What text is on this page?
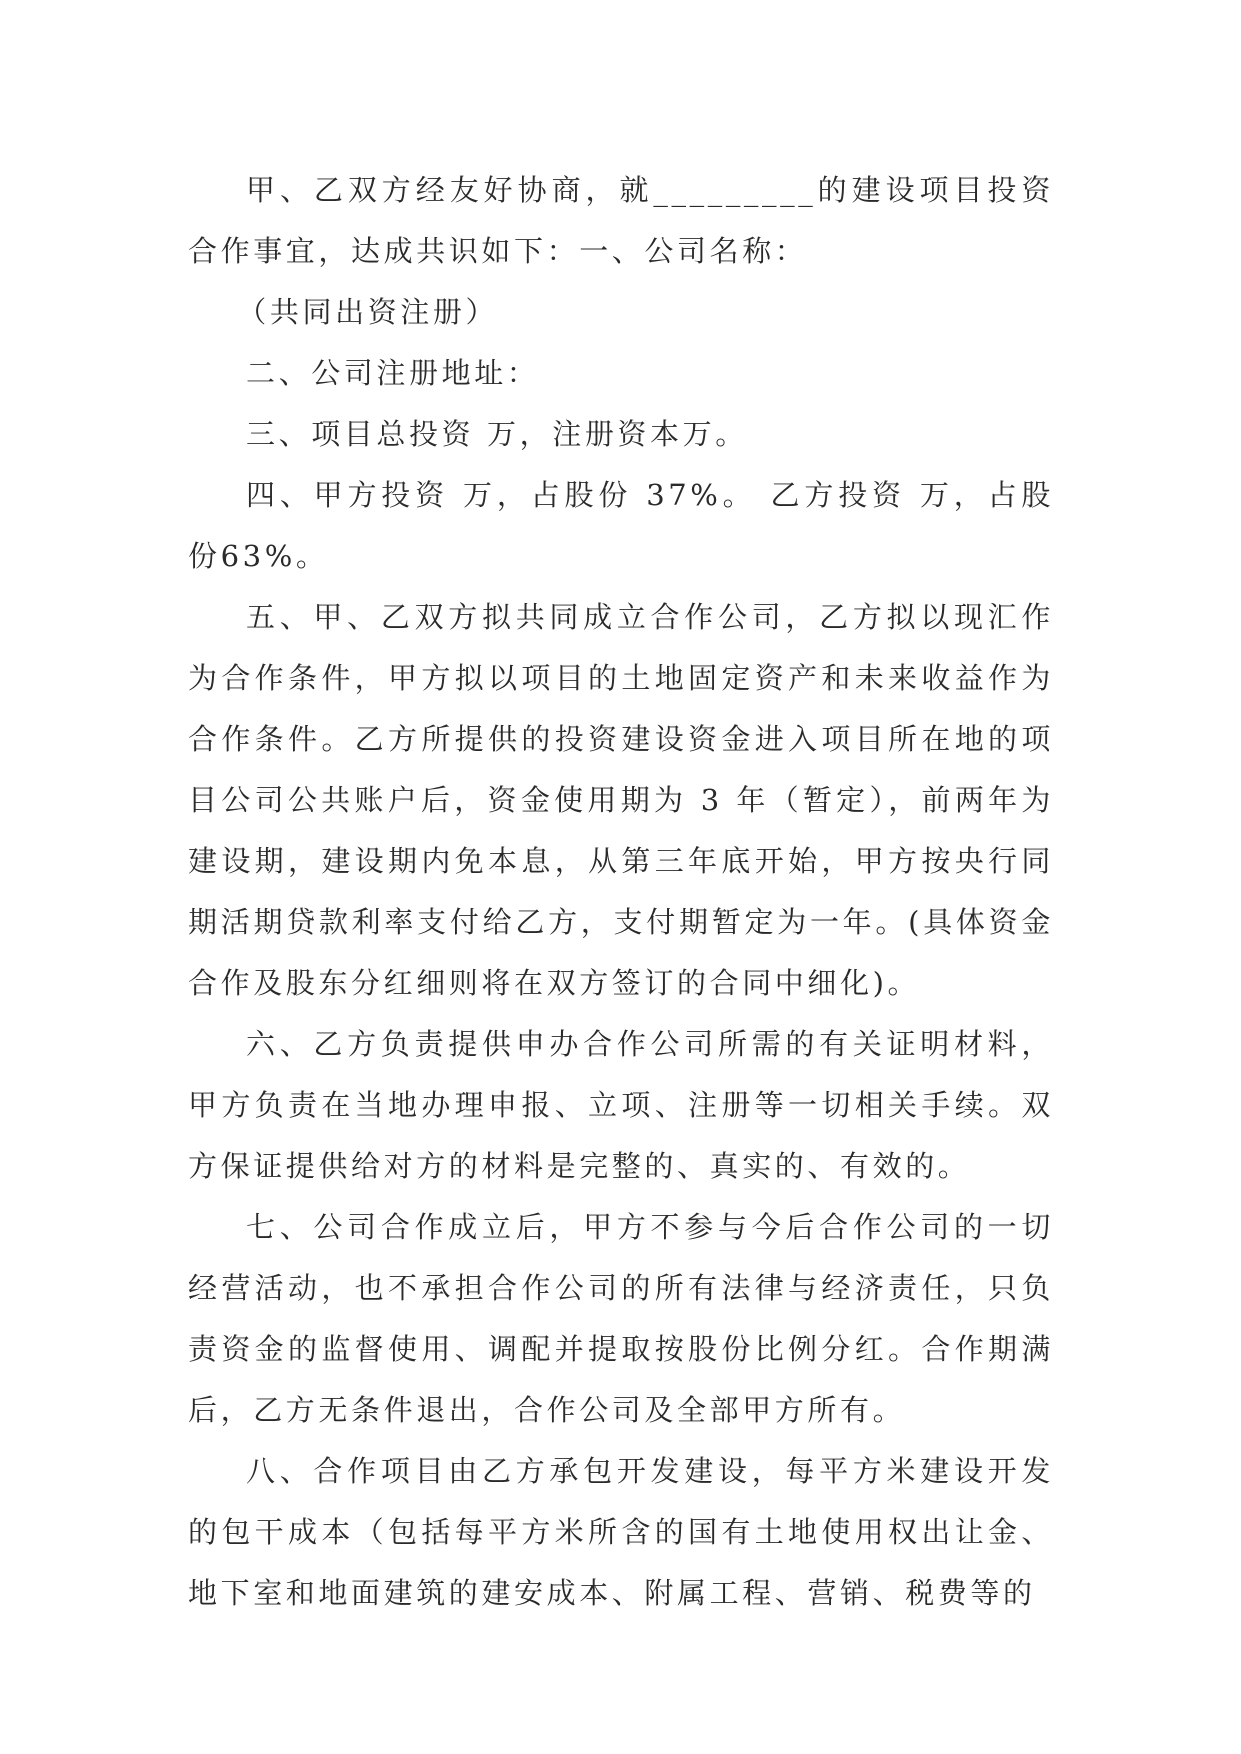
甲、乙双方经友好协商，就_________的建设项目投资合作事宜，达成共识如下：一、公司名称：

（共同出资注册）

二、公司注册地址：

三、项目总投资 万，注册资本万。

四、甲方投资 万，占股份 37%。 乙方投资 万，占股份63%。

五、甲、乙双方拟共同成立合作公司，乙方拟以现汇作为合作条件，甲方拟以项目的土地固定资产和未来收益作为合作条件。乙方所提供的投资建设资金进入项目所在地的项目公司公共账户后，资金使用期为 3 年（暂定），前两年为建设期，建设期内免本息，从第三年底开始，甲方按央行同期活期贷款利率支付给乙方，支付期暂定为一年。(具体资金合作及股东分红细则将在双方签订的合同中细化)。

六、乙方负责提供申办合作公司所需的有关证明材料，甲方负责在当地办理申报、立项、注册等一切相关手续。双方保证提供给对方的材料是完整的、真实的、有效的。

七、公司合作成立后，甲方不参与今后合作公司的一切经营活动，也不承担合作公司的所有法律与经济责任，只负责资金的监督使用、调配并提取按股份比例分红。合作期满后，乙方无条件退出，合作公司及全部甲方所有。

八、合作项目由乙方承包开发建设，每平方米建设开发的包干成本（包括每平方米所含的国有土地使用权出让金、地下室和地面建筑的建安成本、附属工程、营销、税费等的
